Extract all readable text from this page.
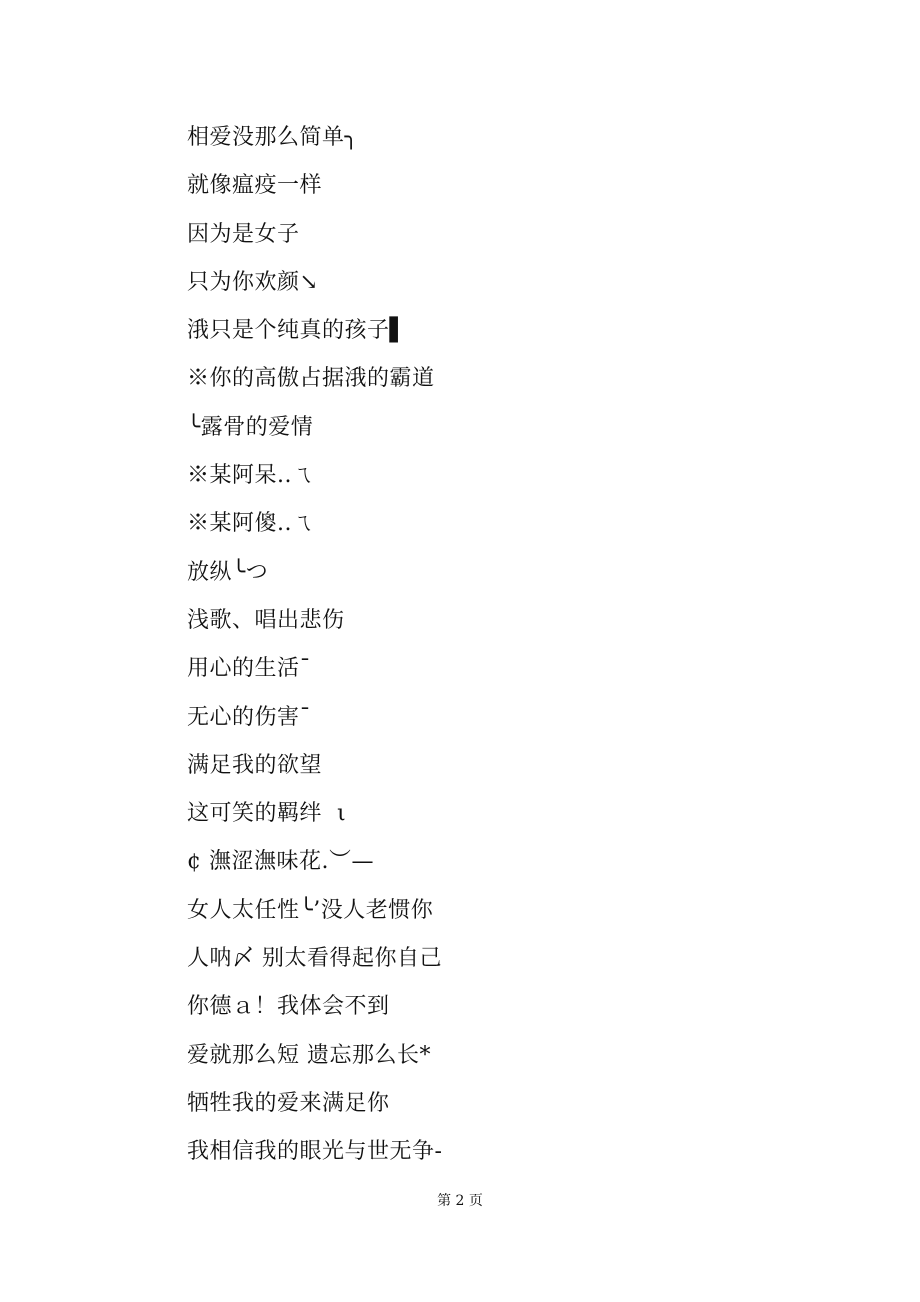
相爱没那么简单╮
就像瘟疫一样
因为是女子
只为你欢颜↘
涐只是个纯真的孩子▌
※你的高傲占据涐的霸道
╰露骨的爱情
※某阿呆..ㄟ
※某阿傻..ㄟ
放纵╰つ
浅歌、唱出悲伤
用心的生活¯
无心的伤害¯
满足我的欲望
这可笑的羁绊  ι
¢ 潕涩潕味花.︶—
女人太任性╰’没人老惯你
人呐〆 别太看得起你自己
你德ａ！我体会不到
爱就那么短 遗忘那么长*
牺牲我的爱来满足你
我相信我的眼光与世无争-
第 2 页
